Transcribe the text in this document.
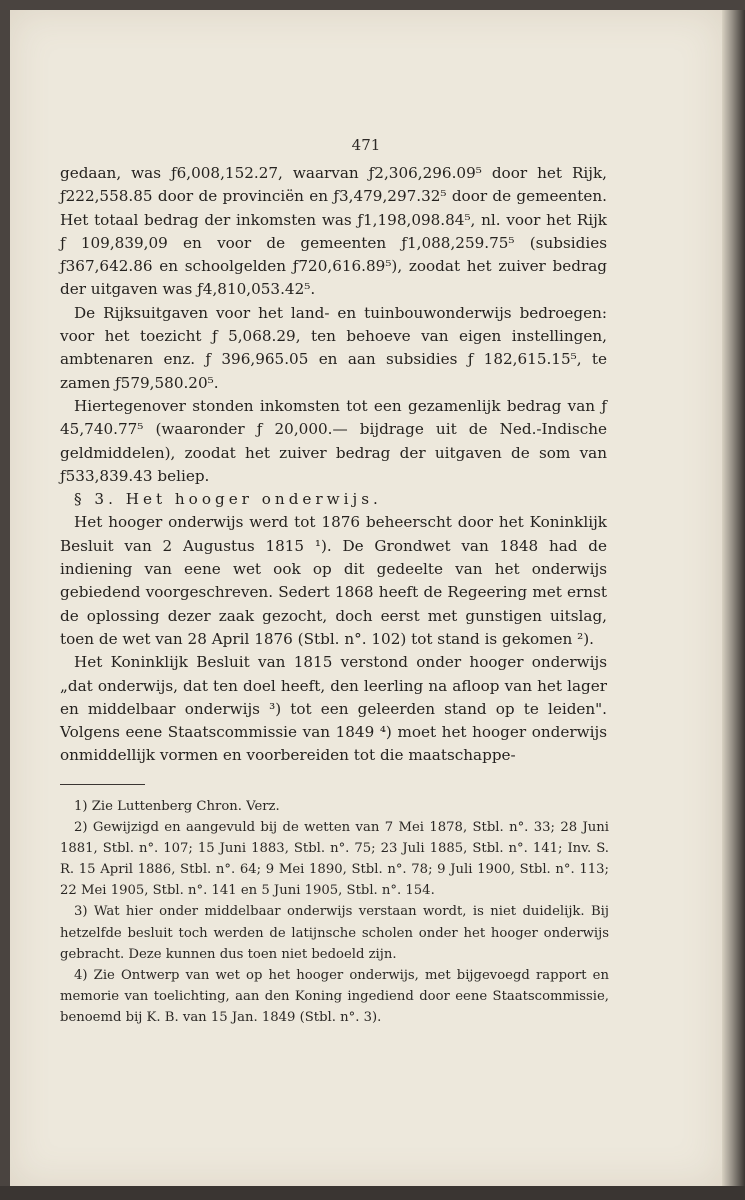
471

gedaan, was ƒ6,008,152.27, waarvan ƒ2,306,296.09⁵ door het Rijk, ƒ222,558.85 door de provinciën en ƒ3,479,297.32⁵ door de gemeenten. Het totaal bedrag der inkomsten was ƒ1,198,098.84⁵, nl. voor het Rijk ƒ 109,839,09 en voor de gemeenten ƒ1,088,259.75⁵ (subsidies ƒ367,642.86 en schoolgelden ƒ720,616.89⁵), zoodat het zuiver bedrag der uitgaven was ƒ4,810,053.42⁵.

De Rijksuitgaven voor het land- en tuinbouwonderwijs bedroegen: voor het toezicht ƒ 5,068.29, ten behoeve van eigen instellingen, ambtenaren enz. ƒ 396,965.05 en aan subsidies ƒ 182,615.15⁵, te zamen ƒ579,580.20⁵.

Hiertegenover stonden inkomsten tot een gezamenlijk bedrag van ƒ 45,740.77⁵ (waaronder ƒ 20,000.— bijdrage uit de Ned.-Indische geldmiddelen), zoodat het zuiver bedrag der uitgaven de som van ƒ533,839.43 beliep.

§ 3. Het hooger onderwijs.

Het hooger onderwijs werd tot 1876 beheerscht door het Koninklijk Besluit van 2 Augustus 1815 ¹). De Grondwet van 1848 had de indiening van eene wet ook op dit gedeelte van het onderwijs gebiedend voorgeschreven. Sedert 1868 heeft de Regeering met ernst de oplossing dezer zaak gezocht, doch eerst met gunstigen uitslag, toen de wet van 28 April 1876 (Stbl. n°. 102) tot stand is gekomen ²).

Het Koninklijk Besluit van 1815 verstond onder hooger onderwijs „dat onderwijs, dat ten doel heeft, den leerling na afloop van het lager en middelbaar onderwijs ³) tot een geleerden stand op te leiden". Volgens eene Staatscommissie van 1849 ⁴) moet het hooger onderwijs onmiddellijk vormen en voorbereiden tot die maatschappe-

1) Zie Luttenberg Chron. Verz.

2) Gewijzigd en aangevuld bij de wetten van 7 Mei 1878, Stbl. n°. 33; 28 Juni 1881, Stbl. n°. 107; 15 Juni 1883, Stbl. n°. 75; 23 Juli 1885, Stbl. n°. 141; Inv. S. R. 15 April 1886, Stbl. n°. 64; 9 Mei 1890, Stbl. n°. 78; 9 Juli 1900, Stbl. n°. 113; 22 Mei 1905, Stbl. n°. 141 en 5 Juni 1905, Stbl. n°. 154.

3) Wat hier onder middelbaar onderwijs verstaan wordt, is niet duidelijk. Bij hetzelfde besluit toch werden de latijnsche scholen onder het hooger onderwijs gebracht. Deze kunnen dus toen niet bedoeld zijn.

4) Zie Ontwerp van wet op het hooger onderwijs, met bijgevoegd rapport en memorie van toelichting, aan den Koning ingediend door eene Staatscommissie, benoemd bij K. B. van 15 Jan. 1849 (Stbl. n°. 3).
